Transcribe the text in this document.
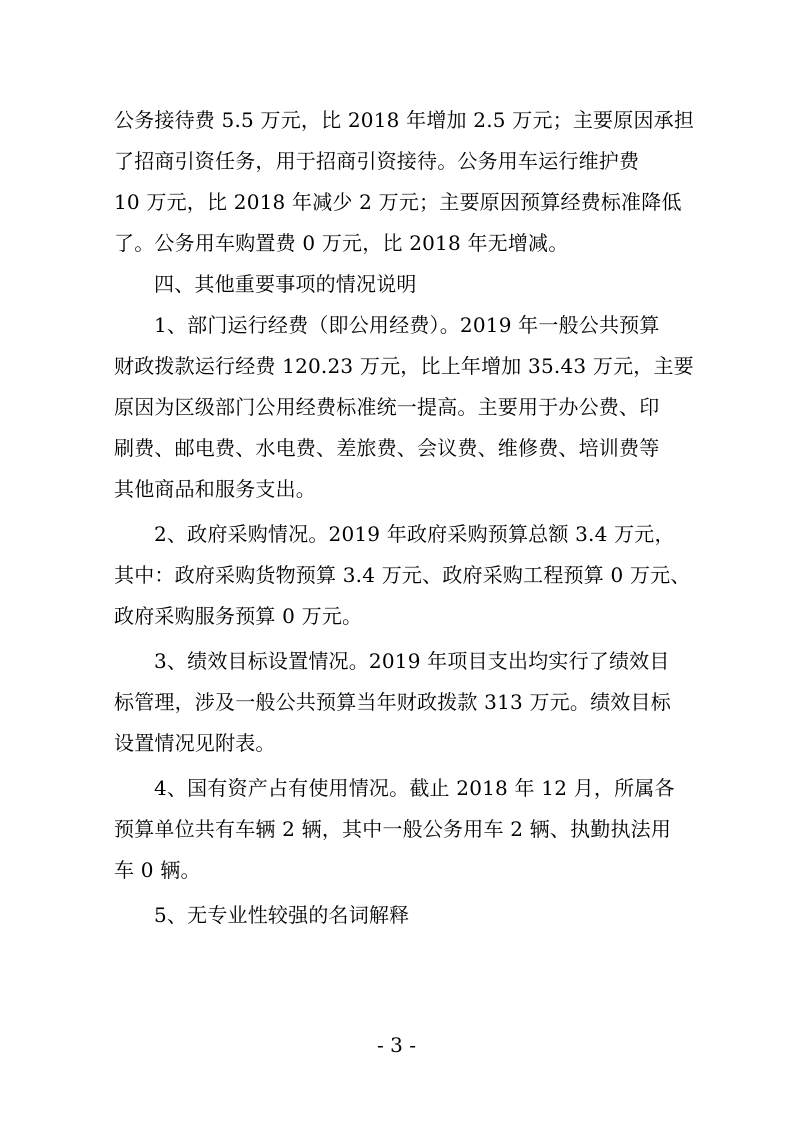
公务接待费 5.5 万元，比 2018 年增加 2.5 万元；主要原因承担
了招商引资任务，用于招商引资接待。公务用车运行维护费
10 万元，比 2018 年减少 2 万元；主要原因预算经费标准降低
了。公务用车购置费 0 万元，比 2018 年无增减。
四、其他重要事项的情况说明
1、部门运行经费（即公用经费）。2019 年一般公共预算
财政拨款运行经费 120.23 万元，比上年增加 35.43 万元，主要
原因为区级部门公用经费标准统一提高。主要用于办公费、印
刷费、邮电费、水电费、差旅费、会议费、维修费、培训费等
其他商品和服务支出。
2、政府采购情况。2019 年政府采购预算总额 3.4 万元，
其中：政府采购货物预算 3.4 万元、政府采购工程预算 0 万元、
政府采购服务预算 0 万元。
3、绩效目标设置情况。2019 年项目支出均实行了绩效目
标管理，涉及一般公共预算当年财政拨款 313 万元。绩效目标
设置情况见附表。
4、国有资产占有使用情况。截止 2018 年 12 月，所属各
预算单位共有车辆 2 辆，其中一般公务用车 2 辆、执勤执法用
车 0 辆。
5、无专业性较强的名词解释
- 3 -
